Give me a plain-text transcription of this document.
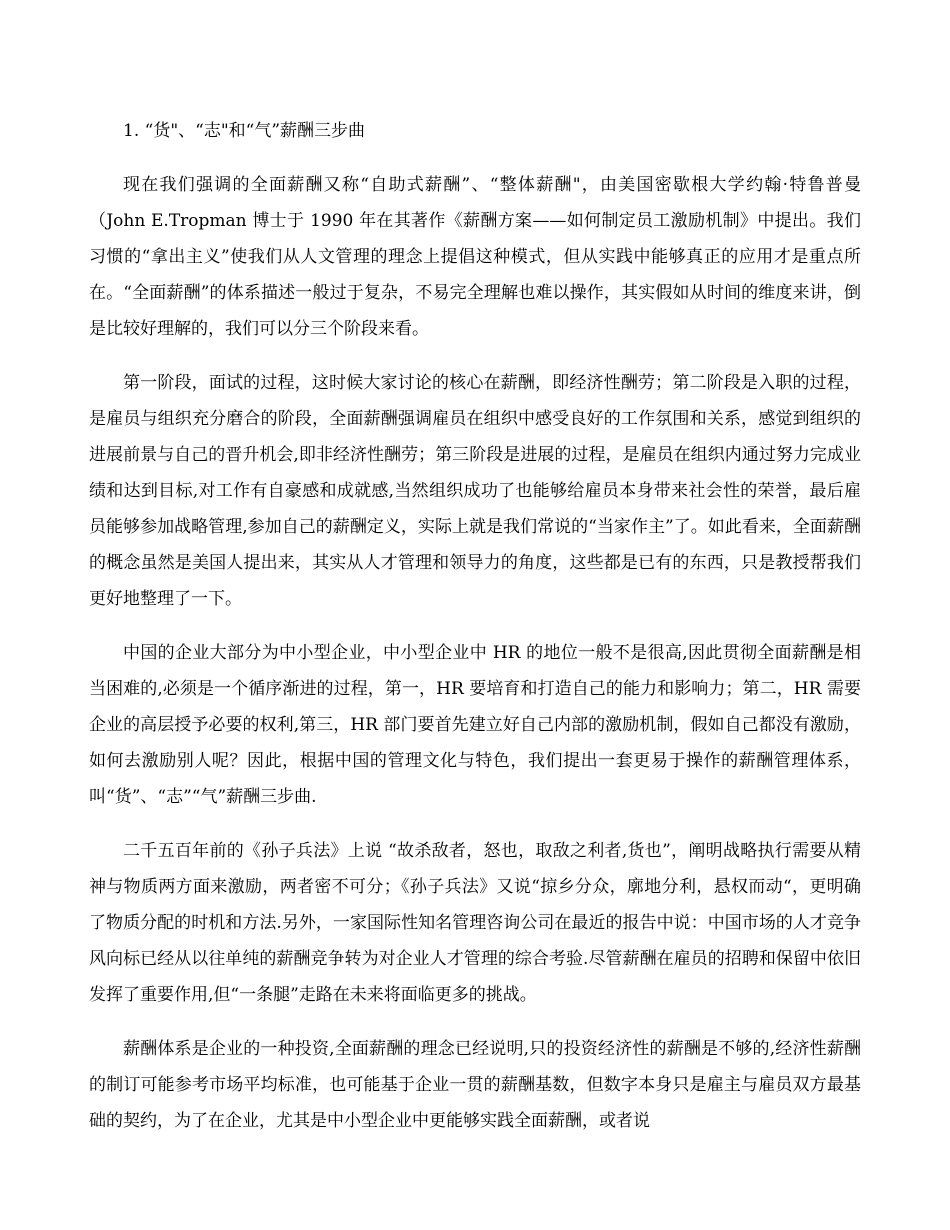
1. “货"、“志"和“气”薪酬三步曲

现在我们强调的全面薪酬又称“自助式薪酬”、“整体薪酬"，由美国密歇根大学约翰·特鲁普曼（John E.Tropman 博士于 1990 年在其著作《薪酬方案——如何制定员工激励机制》中提出。我们习惯的“拿出主义”使我们从人文管理的理念上提倡这种模式，但从实践中能够真正的应用才是重点所在。“全面薪酬”的体系描述一般过于复杂，不易完全理解也难以操作，其实假如从时间的维度来讲，倒是比较好理解的，我们可以分三个阶段来看。

第一阶段，面试的过程，这时候大家讨论的核心在薪酬，即经济性酬劳；第二阶段是入职的过程，是雇员与组织充分磨合的阶段，全面薪酬强调雇员在组织中感受良好的工作氛围和关系，感觉到组织的进展前景与自己的晋升机会,即非经济性酬劳；第三阶段是进展的过程，是雇员在组织内通过努力完成业绩和达到目标,对工作有自豪感和成就感,当然组织成功了也能够给雇员本身带来社会性的荣誉，最后雇员能够参加战略管理,参加自己的薪酬定义，实际上就是我们常说的“当家作主”了。如此看来，全面薪酬的概念虽然是美国人提出来，其实从人才管理和领导力的角度，这些都是已有的东西，只是教授帮我们更好地整理了一下。

中国的企业大部分为中小型企业，中小型企业中 HR 的地位一般不是很高,因此贯彻全面薪酬是相当困难的,必须是一个循序渐进的过程，第一，HR 要培育和打造自己的能力和影响力；第二，HR 需要企业的高层授予必要的权利,第三，HR 部门要首先建立好自己内部的激励机制，假如自己都没有激励，如何去激励别人呢？因此，根据中国的管理文化与特色，我们提出一套更易于操作的薪酬管理体系，叫“货”、“志”“气”薪酬三步曲.

二千五百年前的《孙子兵法》上说 “故杀敌者，怒也，取敌之利者,货也”，阐明战略执行需要从精神与物质两方面来激励，两者密不可分；《孙子兵法》又说“掠乡分众，廓地分利，悬权而动“，更明确了物质分配的时机和方法.另外，一家国际性知名管理咨询公司在最近的报告中说：中国市场的人才竞争风向标已经从以往单纯的薪酬竞争转为对企业人才管理的综合考验.尽管薪酬在雇员的招聘和保留中依旧发挥了重要作用,但“一条腿”走路在未来将面临更多的挑战。

薪酬体系是企业的一种投资,全面薪酬的理念已经说明,只的投资经济性的薪酬是不够的,经济性薪酬的制订可能参考市场平均标准，也可能基于企业一贯的薪酬基数，但数字本身只是雇主与雇员双方最基础的契约，为了在企业，尤其是中小型企业中更能够实践全面薪酬，或者说
